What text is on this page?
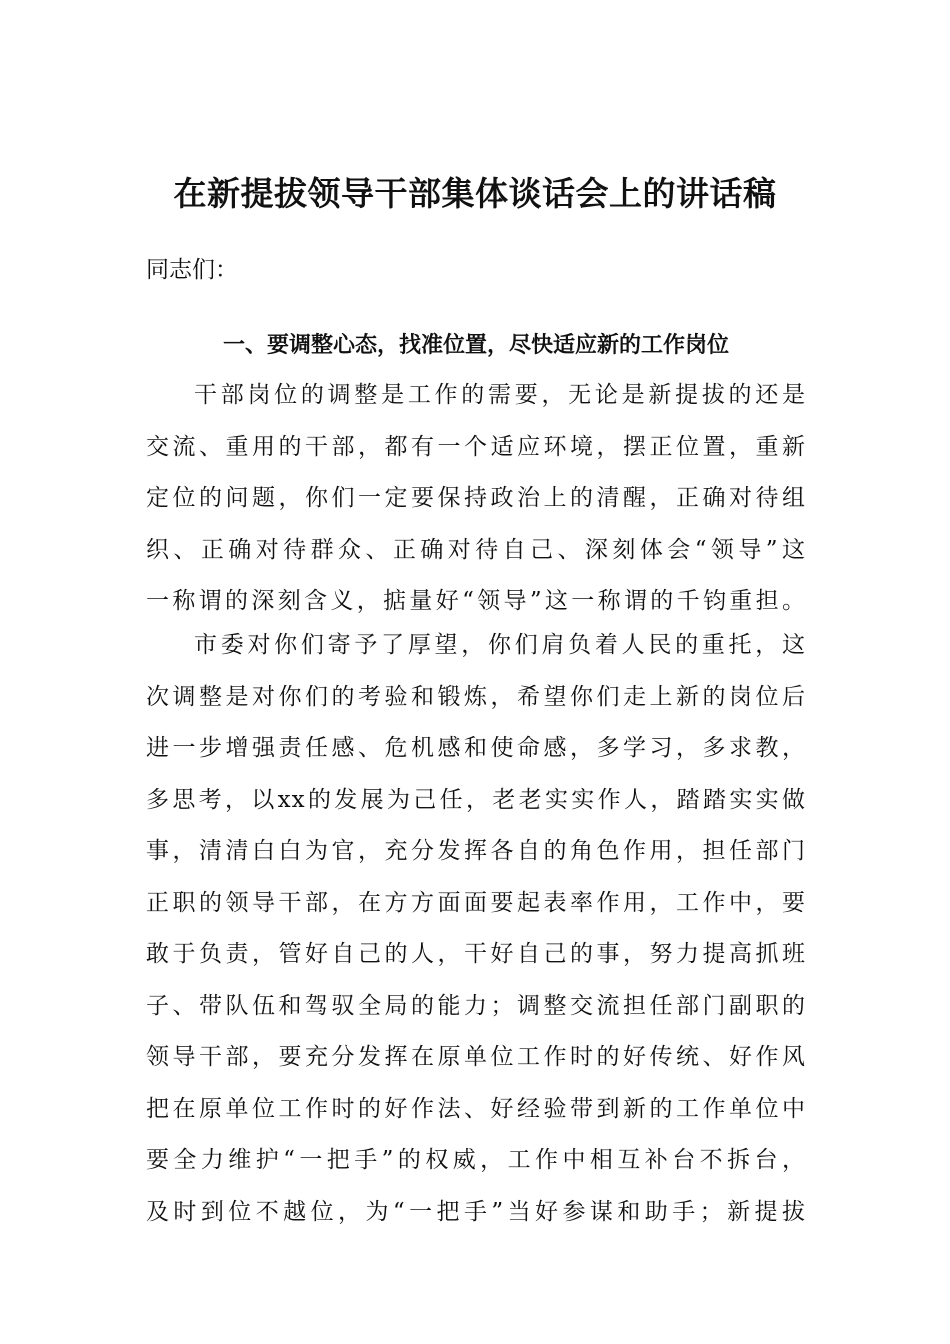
在新提拔领导干部集体谈话会上的讲话稿

同志们：

一、要调整心态，找准位置，尽快适应新的工作岗位
干部岗位的调整是工作的需要，无论是新提拔的还是
交流、重用的干部，都有一个适应环境，摆正位置，重新
定位的问题，你们一定要保持政治上的清醒，正确对待组
织、正确对待群众、正确对待自己、深刻体会“领导”这
一称谓的深刻含义，掂量好“领导”这一称谓的千钧重担。
市委对你们寄予了厚望，你们肩负着人民的重托，这
次调整是对你们的考验和锻炼，希望你们走上新的岗位后
进一步增强责任感、危机感和使命感，多学习，多求教，
多思考，以xx的发展为己任，老老实实作人，踏踏实实做
事，清清白白为官，充分发挥各自的角色作用，担任部门
正职的领导干部，在方方面面要起表率作用，工作中，要
敢于负责，管好自己的人，干好自己的事，努力提高抓班
子、带队伍和驾驭全局的能力；调整交流担任部门副职的
领导干部，要充分发挥在原单位工作时的好传统、好作风
把在原单位工作时的好作法、好经验带到新的工作单位中
要全力维护“一把手”的权威，工作中相互补台不拆台，
及时到位不越位，为“一把手”当好参谋和助手；新提拔
